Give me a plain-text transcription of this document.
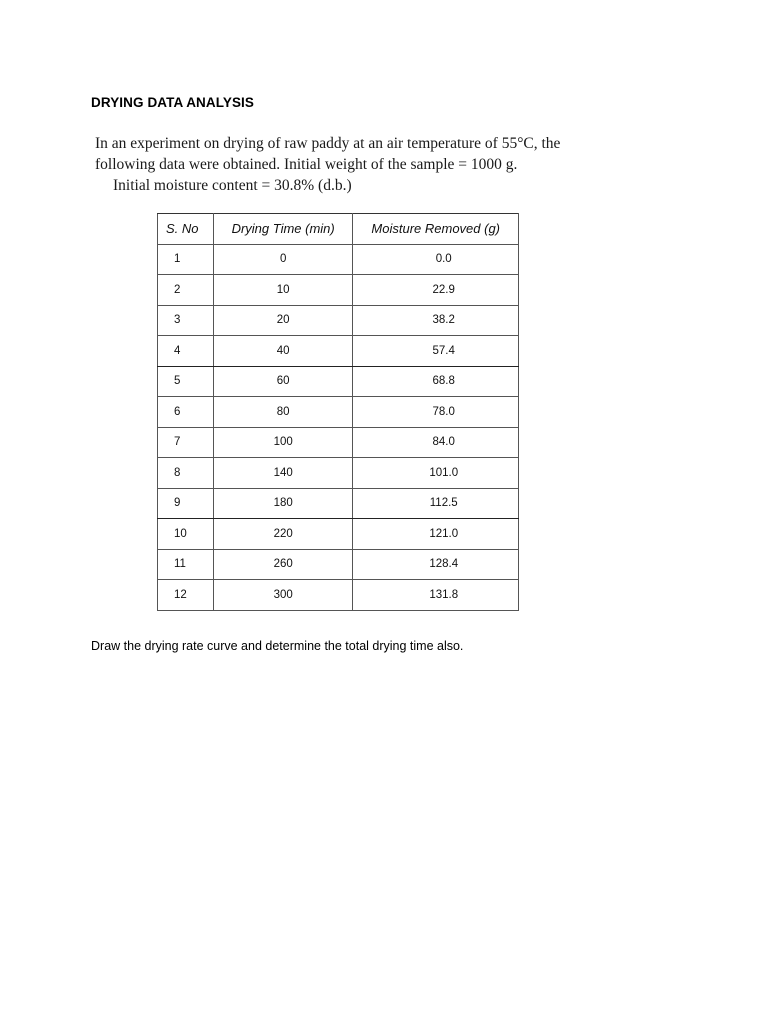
DRYING DATA ANALYSIS
In an experiment on drying of raw paddy at an air temperature of 55°C, the
following data were obtained. Initial weight of the sample = 1000 g.
Initial moisture content = 30.8% (d.b.)
S. No	Drying Time (min)	Moisture Removed (g)
1	0	0.0
2	10	22.9
3	20	38.2
4	40	57.4
5	60	68.8
6	80	78.0
7	100	84.0
8	140	101.0
9	180	112.5
10	220	121.0
11	260	128.4
12	300	131.8
Draw the drying rate curve and determine the total drying time also.
